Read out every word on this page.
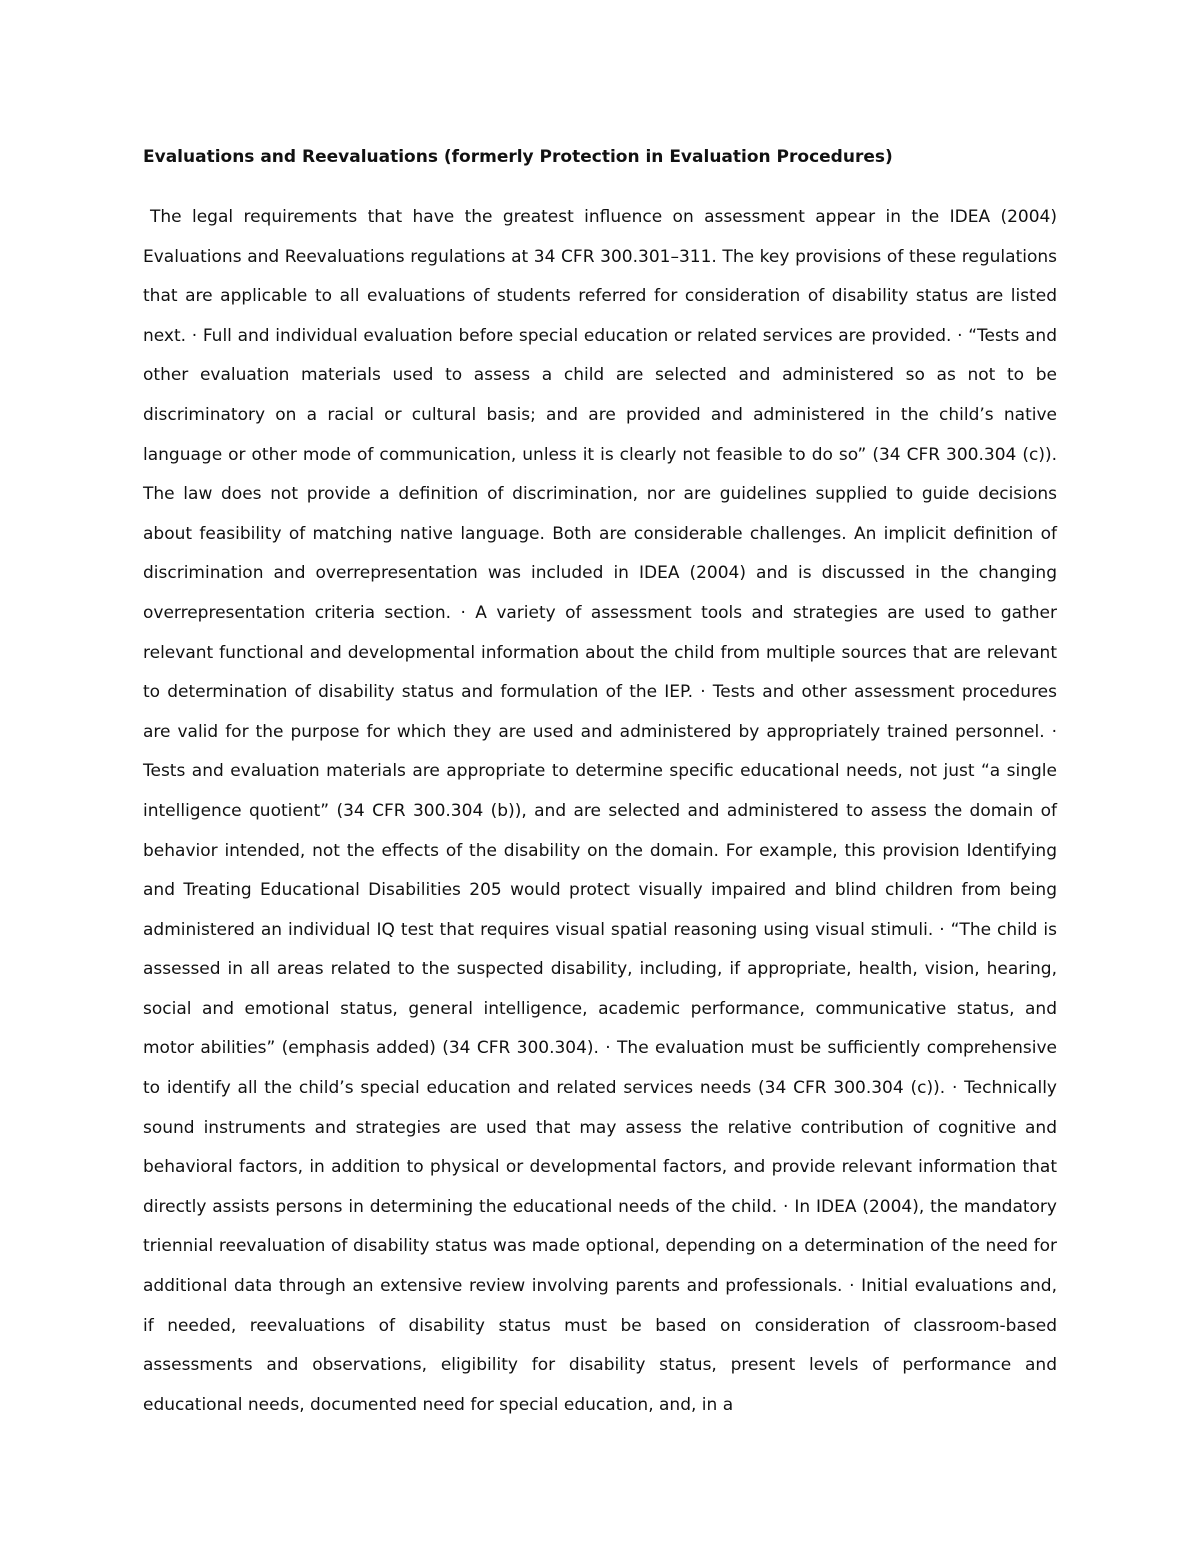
Evaluations and Reevaluations (formerly Protection in Evaluation Procedures)

The legal requirements that have the greatest influence on assessment appear in the IDEA (2004) Evaluations and Reevaluations regulations at 34 CFR 300.301–311. The key provisions of these regulations that are applicable to all evaluations of students referred for consideration of disability status are listed next. · Full and individual evaluation before special education or related services are provided. · “Tests and other evaluation materials used to assess a child are selected and administered so as not to be discriminatory on a racial or cultural basis; and are provided and administered in the child’s native language or other mode of communication, unless it is clearly not feasible to do so” (34 CFR 300.304 (c)). The law does not provide a definition of discrimination, nor are guidelines supplied to guide decisions about feasibility of matching native language. Both are considerable challenges. An implicit definition of discrimination and overrepresentation was included in IDEA (2004) and is discussed in the changing overrepresentation criteria section. · A variety of assessment tools and strategies are used to gather relevant functional and developmental information about the child from multiple sources that are relevant to determination of disability status and formulation of the IEP. · Tests and other assessment procedures are valid for the purpose for which they are used and administered by appropriately trained personnel. · Tests and evaluation materials are appropriate to determine specific educational needs, not just “a single intelligence quotient” (34 CFR 300.304 (b)), and are selected and administered to assess the domain of behavior intended, not the effects of the disability on the domain. For example, this provision Identifying and Treating Educational Disabilities 205 would protect visually impaired and blind children from being administered an individual IQ test that requires visual spatial reasoning using visual stimuli. · “The child is assessed in all areas related to the suspected disability, including, if appropriate, health, vision, hearing, social and emotional status, general intelligence, academic performance, communicative status, and motor abilities” (emphasis added) (34 CFR 300.304). · The evaluation must be sufficiently comprehensive to identify all the child’s special education and related services needs (34 CFR 300.304 (c)). · Technically sound instruments and strategies are used that may assess the relative contribution of cognitive and behavioral factors, in addition to physical or developmental factors, and provide relevant information that directly assists persons in determining the educational needs of the child. · In IDEA (2004), the mandatory triennial reevaluation of disability status was made optional, depending on a determination of the need for additional data through an extensive review involving parents and professionals. · Initial evaluations and, if needed, reevaluations of disability status must be based on consideration of classroom-based assessments and observations, eligibility for disability status, present levels of performance and educational needs, documented need for special education, and, in a
